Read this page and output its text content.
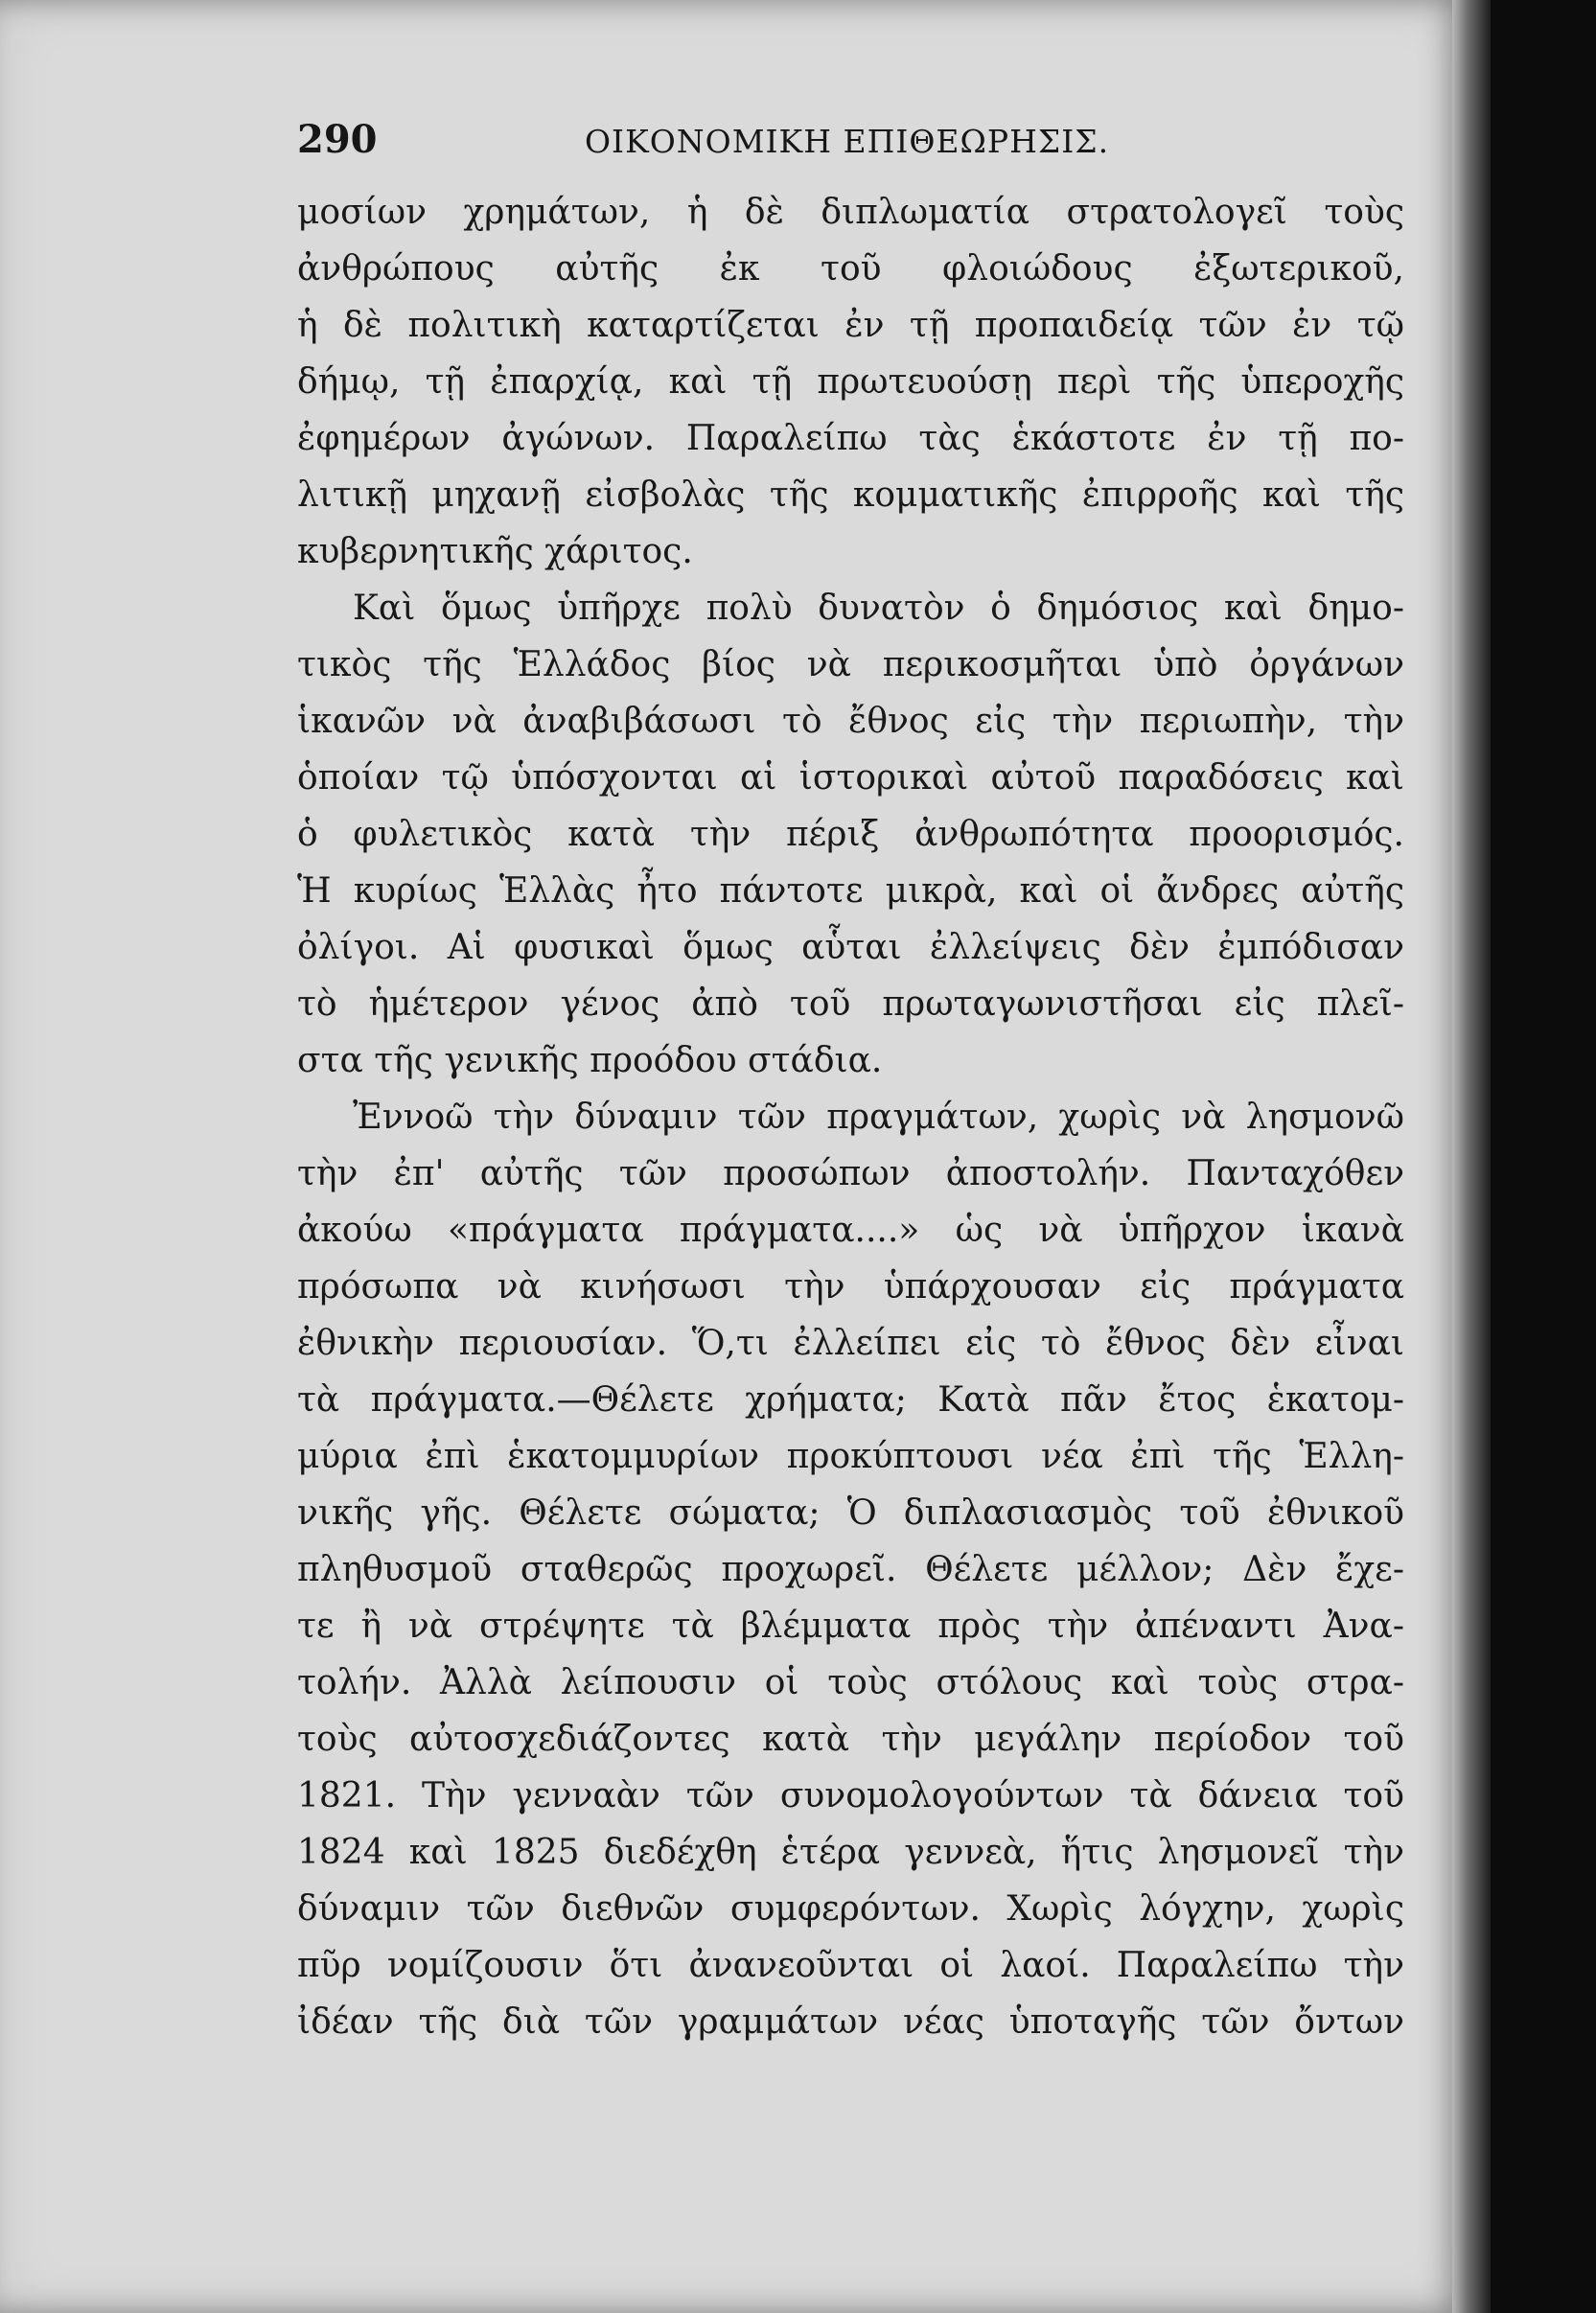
290	ΟΙΚΟΝΟΜΙΚΗ ΕΠΙΘΕΩΡΗΣΙΣ.
μοσίων χρημάτων, ἡ δὲ διπλωματία στρατολογεῖ τοὺς
ἀνθρώπους αὐτῆς ἐκ τοῦ φλοιώδους ἐξωτερικοῦ,
ἡ δὲ πολιτικὴ καταρτίζεται ἐν τῇ προπαιδείᾳ τῶν ἐν τῷ
δήμῳ, τῇ ἐπαρχίᾳ, καὶ τῇ πρωτευούσῃ περὶ τῆς ὑπεροχῆς
ἐφημέρων ἀγώνων. Παραλείπω τὰς ἑκάστοτε ἐν τῇ πο-
λιτικῇ μηχανῇ εἰσβολὰς τῆς κομματικῆς ἐπιρροῆς καὶ τῆς
κυβερνητικῆς χάριτος.
Καὶ ὅμως ὑπῆρχε πολὺ δυνατὸν ὁ δημόσιος καὶ δημο-
τικὸς τῆς Ἑλλάδος βίος νὰ περικοσμῆται ὑπὸ ὀργάνων
ἱκανῶν νὰ ἀναβιβάσωσι τὸ ἔθνος εἰς τὴν περιωπὴν, τὴν
ὁποίαν τῷ ὑπόσχονται αἱ ἱστορικαὶ αὐτοῦ παραδόσεις καὶ
ὁ φυλετικὸς κατὰ τὴν πέριξ ἀνθρωπότητα προορισμός.
Ἡ κυρίως Ἑλλὰς ἦτο πάντοτε μικρὰ, καὶ οἱ ἄνδρες αὐτῆς
ὀλίγοι. Αἱ φυσικαὶ ὅμως αὗται ἐλλείψεις δὲν ἐμπόδισαν
τὸ ἡμέτερον γένος ἀπὸ τοῦ πρωταγωνιστῆσαι εἰς πλεῖ-
στα τῆς γενικῆς προόδου στάδια.
Ἐννοῶ τὴν δύναμιν τῶν πραγμάτων, χωρὶς νὰ λησμονῶ
τὴν ἐπ' αὐτῆς τῶν προσώπων ἀποστολήν. Πανταχόθεν
ἀκούω «πράγματα πράγματα....» ὡς νὰ ὑπῆρχον ἱκανὰ
πρόσωπα νὰ κινήσωσι τὴν ὑπάρχουσαν εἰς πράγματα
ἐθνικὴν περιουσίαν. Ὅ,τι ἐλλείπει εἰς τὸ ἔθνος δὲν εἶναι
τὰ πράγματα.—Θέλετε χρήματα; Κατὰ πᾶν ἔτος ἑκατομ-
μύρια ἐπὶ ἑκατομμυρίων προκύπτουσι νέα ἐπὶ τῆς Ἑλλη-
νικῆς γῆς. Θέλετε σώματα; Ὁ διπλασιασμὸς τοῦ ἐθνικοῦ
πληθυσμοῦ σταθερῶς προχωρεῖ. Θέλετε μέλλον; Δὲν ἔχε-
τε ἢ νὰ στρέψητε τὰ βλέμματα πρὸς τὴν ἀπέναντι Ἀνα-
τολήν. Ἀλλὰ λείπουσιν οἱ τοὺς στόλους καὶ τοὺς στρα-
τοὺς αὐτοσχεδιάζοντες κατὰ τὴν μεγάλην περίοδον τοῦ
1821. Τὴν γενναὰν τῶν συνομολογούντων τὰ δάνεια τοῦ
1824 καὶ 1825 διεδέχθη ἑτέρα γεννεὰ, ἥτις λησμονεῖ τὴν
δύναμιν τῶν διεθνῶν συμφερόντων. Χωρὶς λόγχην, χωρὶς
πῦρ νομίζουσιν ὅτι ἀνανεοῦνται οἱ λαοί. Παραλείπω τὴν
ἰδέαν τῆς διὰ τῶν γραμμάτων νέας ὑποταγῆς τῶν ὄντων
